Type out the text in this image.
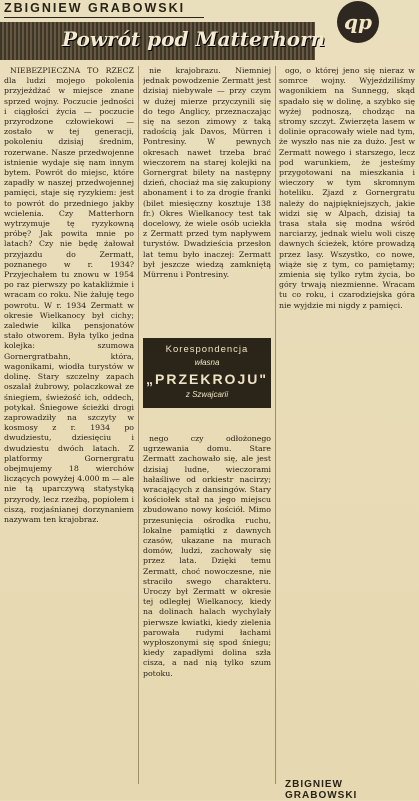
ZBIGNIEW GRABOWSKI
Powrót pod Matterhorn
qp

NIEBEZPIECZNA TO RZECZ dla ludzi mojego pokolenia przyjeżdżać w miejsce znane sprzed wojny. Poczucie jedności i ciągłości życia — poczucie przyrodzone człowiekowi — zostało w tej generacji, pokoleniu dzisiaj średnim, rozerwane. Nasze przedwojenne istnienie wydaje się nam innym bytem. Powrót do miejsc, które zapadły w naszej przedwojennej pamięci, staje się ryzykiem: jest to powrót do przedniego jakby wcielenia. Czy Matterhorn wytrzymuje tę ryzykowną próbę? Jak powita mnie po latach? Czy nie będę żałował przyjazdu do Zermatt, poznanego w r. 1934? Przyjechałem tu znowu w 1954 po raz pierwszy po katakliżmie i wracam co roku. Nie żałuję tego powrotu. W r. 1934 Zermatt w okresie Wielkanocy był cichy; zaledwie kilka pensjonatów stało otworem. Była tylko jedna kolejka: szumowa Gornergratbahn, która, wagonikami, wiodła turystów w dolinę. Stary szczelny zapach oszalał żubrowy, polaczkował ze śniegiem, świeżość ich, oddech, potykał. Śniegowe ścieżki drogi zaprowadziły na szczyty w kosmosy z r. 1934 po dwudziestu, dziesięciu i dwudziestu dwóch latach. Z platformy Gornergratu obejmujemy 18 wierchów liczących powyżej 4.000 m — ale nie tą uparczywą statystyką przyrody, lecz rzeźbą, popiołem i ciszą, rozjaśnianej dorzynaniem nazywam ten krajobraz.

nie krajobrazu. Niemniej jednak powodzenie Zermatt jest dzisiaj niebywałe — przy czym w dużej mierze przyczynili się do tego Anglicy, przeznaczając się na sezon zimowy z taką radością jak Davos, Mürren i Pontresiny. W pewnych okresach nawet trzeba brać wieczorem na starej kolejki na Gornergrat bilety na następny dzień, chociaż ma się zakupiony abonament i to za drogie franki (bilet miesięczny kosztuje 138 fr.) Okres Wielkanocy test tak docelowy, że wiele osób uciekła z Zermatt przed tym napływem turystów. Dwadzieścia przesłon lat temu było inaczej: Zermatt był jeszcze wiedzą zamkniętą Mürrenu i Pontresiny.

Korespondencja
własna
„PRZEKROJU"
z Szwajcarii

nego czy odłożonego ugrzewania domu. Stare Zermatt zachowało się, ale jest dzisiaj ludne, wieczorami hałaśliwe od orkiestr nacirzy; wracających z dansingów. Stary kościołek stał na jego miejscu zbudowano nowy kościół. Mimo przesunięcia ośrodka ruchu, lokalne pamiątki z dawnych czasów, ukazane na murach domów, ludzi, zachowały się przez lata. Dzięki temu Zermatt, choć nowoczesne, nie straciło swego charakteru. Uroczy był Zermatt w okresie tej odległej Wielkanocy, kiedy na dolinach halach wychylały pierwsze kwiatki, kiedy zielenia parowała rudymi łachami wypłoszonymi się spod śniegu; kiedy zapadłymi dolina szła cisza, a nad nią tylko szum potoku.

ogo, o której jeno się nieraz w somrce wojny. Wyjeździliśmy wagonikiem na Sunnegg, skąd spadało się w dolinę, a szybko się wyżej podnoszą, chodząc na stromy szczyt. Zwierzęta lasem w dolinie opracowały wiele nad tym, że wyszło nas nie za dużo. Jest w Zermatt nowego i starszego, lecz pod warunkiem, że jesteśmy przygotowani na mieszkania i wieczory w tym skromnym hoteliku. Zjazd z Gornergratu należy do najpiękniejszych, jakie widzi się w Alpach, dzisiaj ta trasa stała się modna wśród narciarzy, jednak wielu woli ciszę dawnych ścieżek, które prowadzą przez lasy. Wszystko, co nowe, wiąże się z tym, co pamiętamy; zmienia się tylko rytm życia, bo góry trwają niezmienne. Wracam tu co roku, i czarodziejska góra nie wyjdzie mi nigdy z pamięci.

ZBIGNIEW GRABOWSKI
